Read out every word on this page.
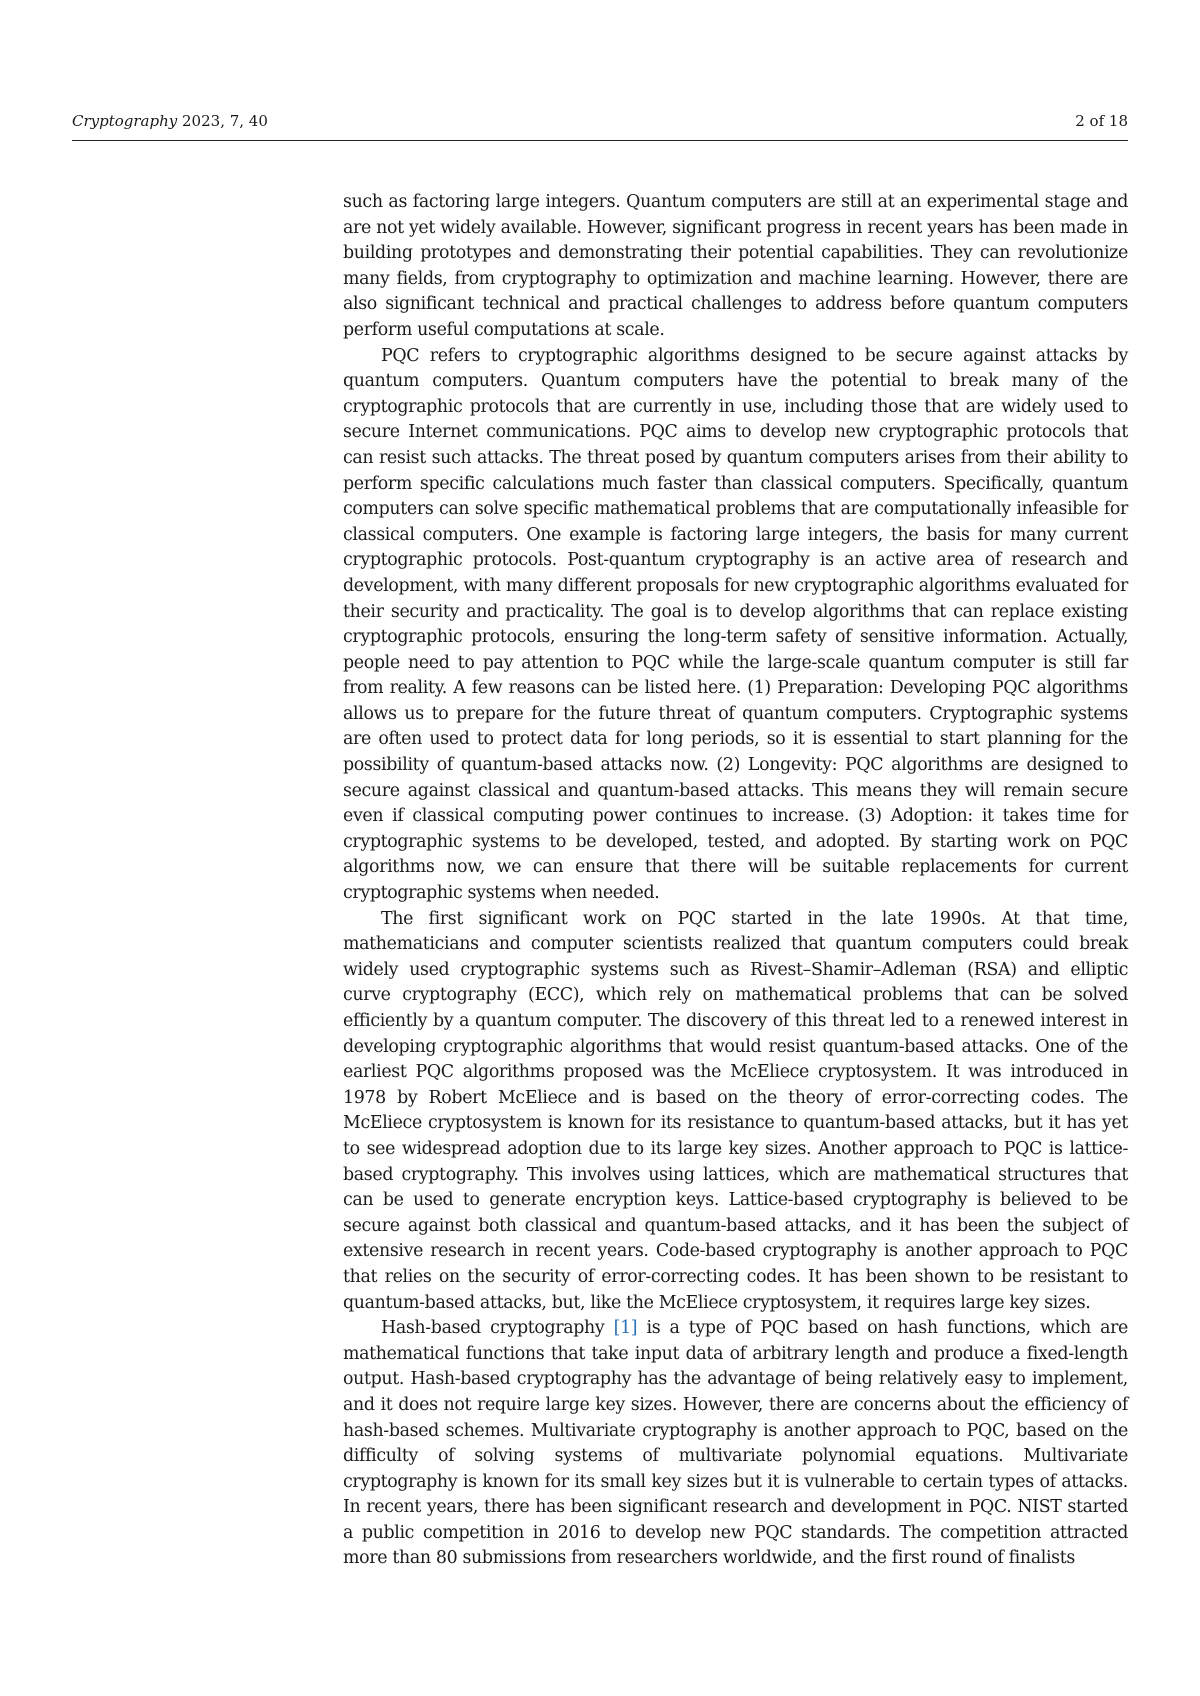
Cryptography 2023, 7, 40	2 of 18

such as factoring large integers. Quantum computers are still at an experimental stage and are not yet widely available. However, significant progress in recent years has been made in building prototypes and demonstrating their potential capabilities. They can revolutionize many fields, from cryptography to optimization and machine learning. However, there are also significant technical and practical challenges to address before quantum computers perform useful computations at scale.

PQC refers to cryptographic algorithms designed to be secure against attacks by quantum computers. Quantum computers have the potential to break many of the cryptographic protocols that are currently in use, including those that are widely used to secure Internet communications. PQC aims to develop new cryptographic protocols that can resist such attacks. The threat posed by quantum computers arises from their ability to perform specific calculations much faster than classical computers. Specifically, quantum computers can solve specific mathematical problems that are computationally infeasible for classical computers. One example is factoring large integers, the basis for many current cryptographic protocols. Post-quantum cryptography is an active area of research and development, with many different proposals for new cryptographic algorithms evaluated for their security and practicality. The goal is to develop algorithms that can replace existing cryptographic protocols, ensuring the long-term safety of sensitive information. Actually, people need to pay attention to PQC while the large-scale quantum computer is still far from reality. A few reasons can be listed here. (1) Preparation: Developing PQC algorithms allows us to prepare for the future threat of quantum computers. Cryptographic systems are often used to protect data for long periods, so it is essential to start planning for the possibility of quantum-based attacks now. (2) Longevity: PQC algorithms are designed to secure against classical and quantum-based attacks. This means they will remain secure even if classical computing power continues to increase. (3) Adoption: it takes time for cryptographic systems to be developed, tested, and adopted. By starting work on PQC algorithms now, we can ensure that there will be suitable replacements for current cryptographic systems when needed.

The first significant work on PQC started in the late 1990s. At that time, mathematicians and computer scientists realized that quantum computers could break widely used cryptographic systems such as Rivest–Shamir–Adleman (RSA) and elliptic curve cryptography (ECC), which rely on mathematical problems that can be solved efficiently by a quantum computer. The discovery of this threat led to a renewed interest in developing cryptographic algorithms that would resist quantum-based attacks. One of the earliest PQC algorithms proposed was the McEliece cryptosystem. It was introduced in 1978 by Robert McEliece and is based on the theory of error-correcting codes. The McEliece cryptosystem is known for its resistance to quantum-based attacks, but it has yet to see widespread adoption due to its large key sizes. Another approach to PQC is lattice-based cryptography. This involves using lattices, which are mathematical structures that can be used to generate encryption keys. Lattice-based cryptography is believed to be secure against both classical and quantum-based attacks, and it has been the subject of extensive research in recent years. Code-based cryptography is another approach to PQC that relies on the security of error-correcting codes. It has been shown to be resistant to quantum-based attacks, but, like the McEliece cryptosystem, it requires large key sizes.

Hash-based cryptography [1] is a type of PQC based on hash functions, which are mathematical functions that take input data of arbitrary length and produce a fixed-length output. Hash-based cryptography has the advantage of being relatively easy to implement, and it does not require large key sizes. However, there are concerns about the efficiency of hash-based schemes. Multivariate cryptography is another approach to PQC, based on the difficulty of solving systems of multivariate polynomial equations. Multivariate cryptography is known for its small key sizes but it is vulnerable to certain types of attacks. In recent years, there has been significant research and development in PQC. NIST started a public competition in 2016 to develop new PQC standards. The competition attracted more than 80 submissions from researchers worldwide, and the first round of finalists
